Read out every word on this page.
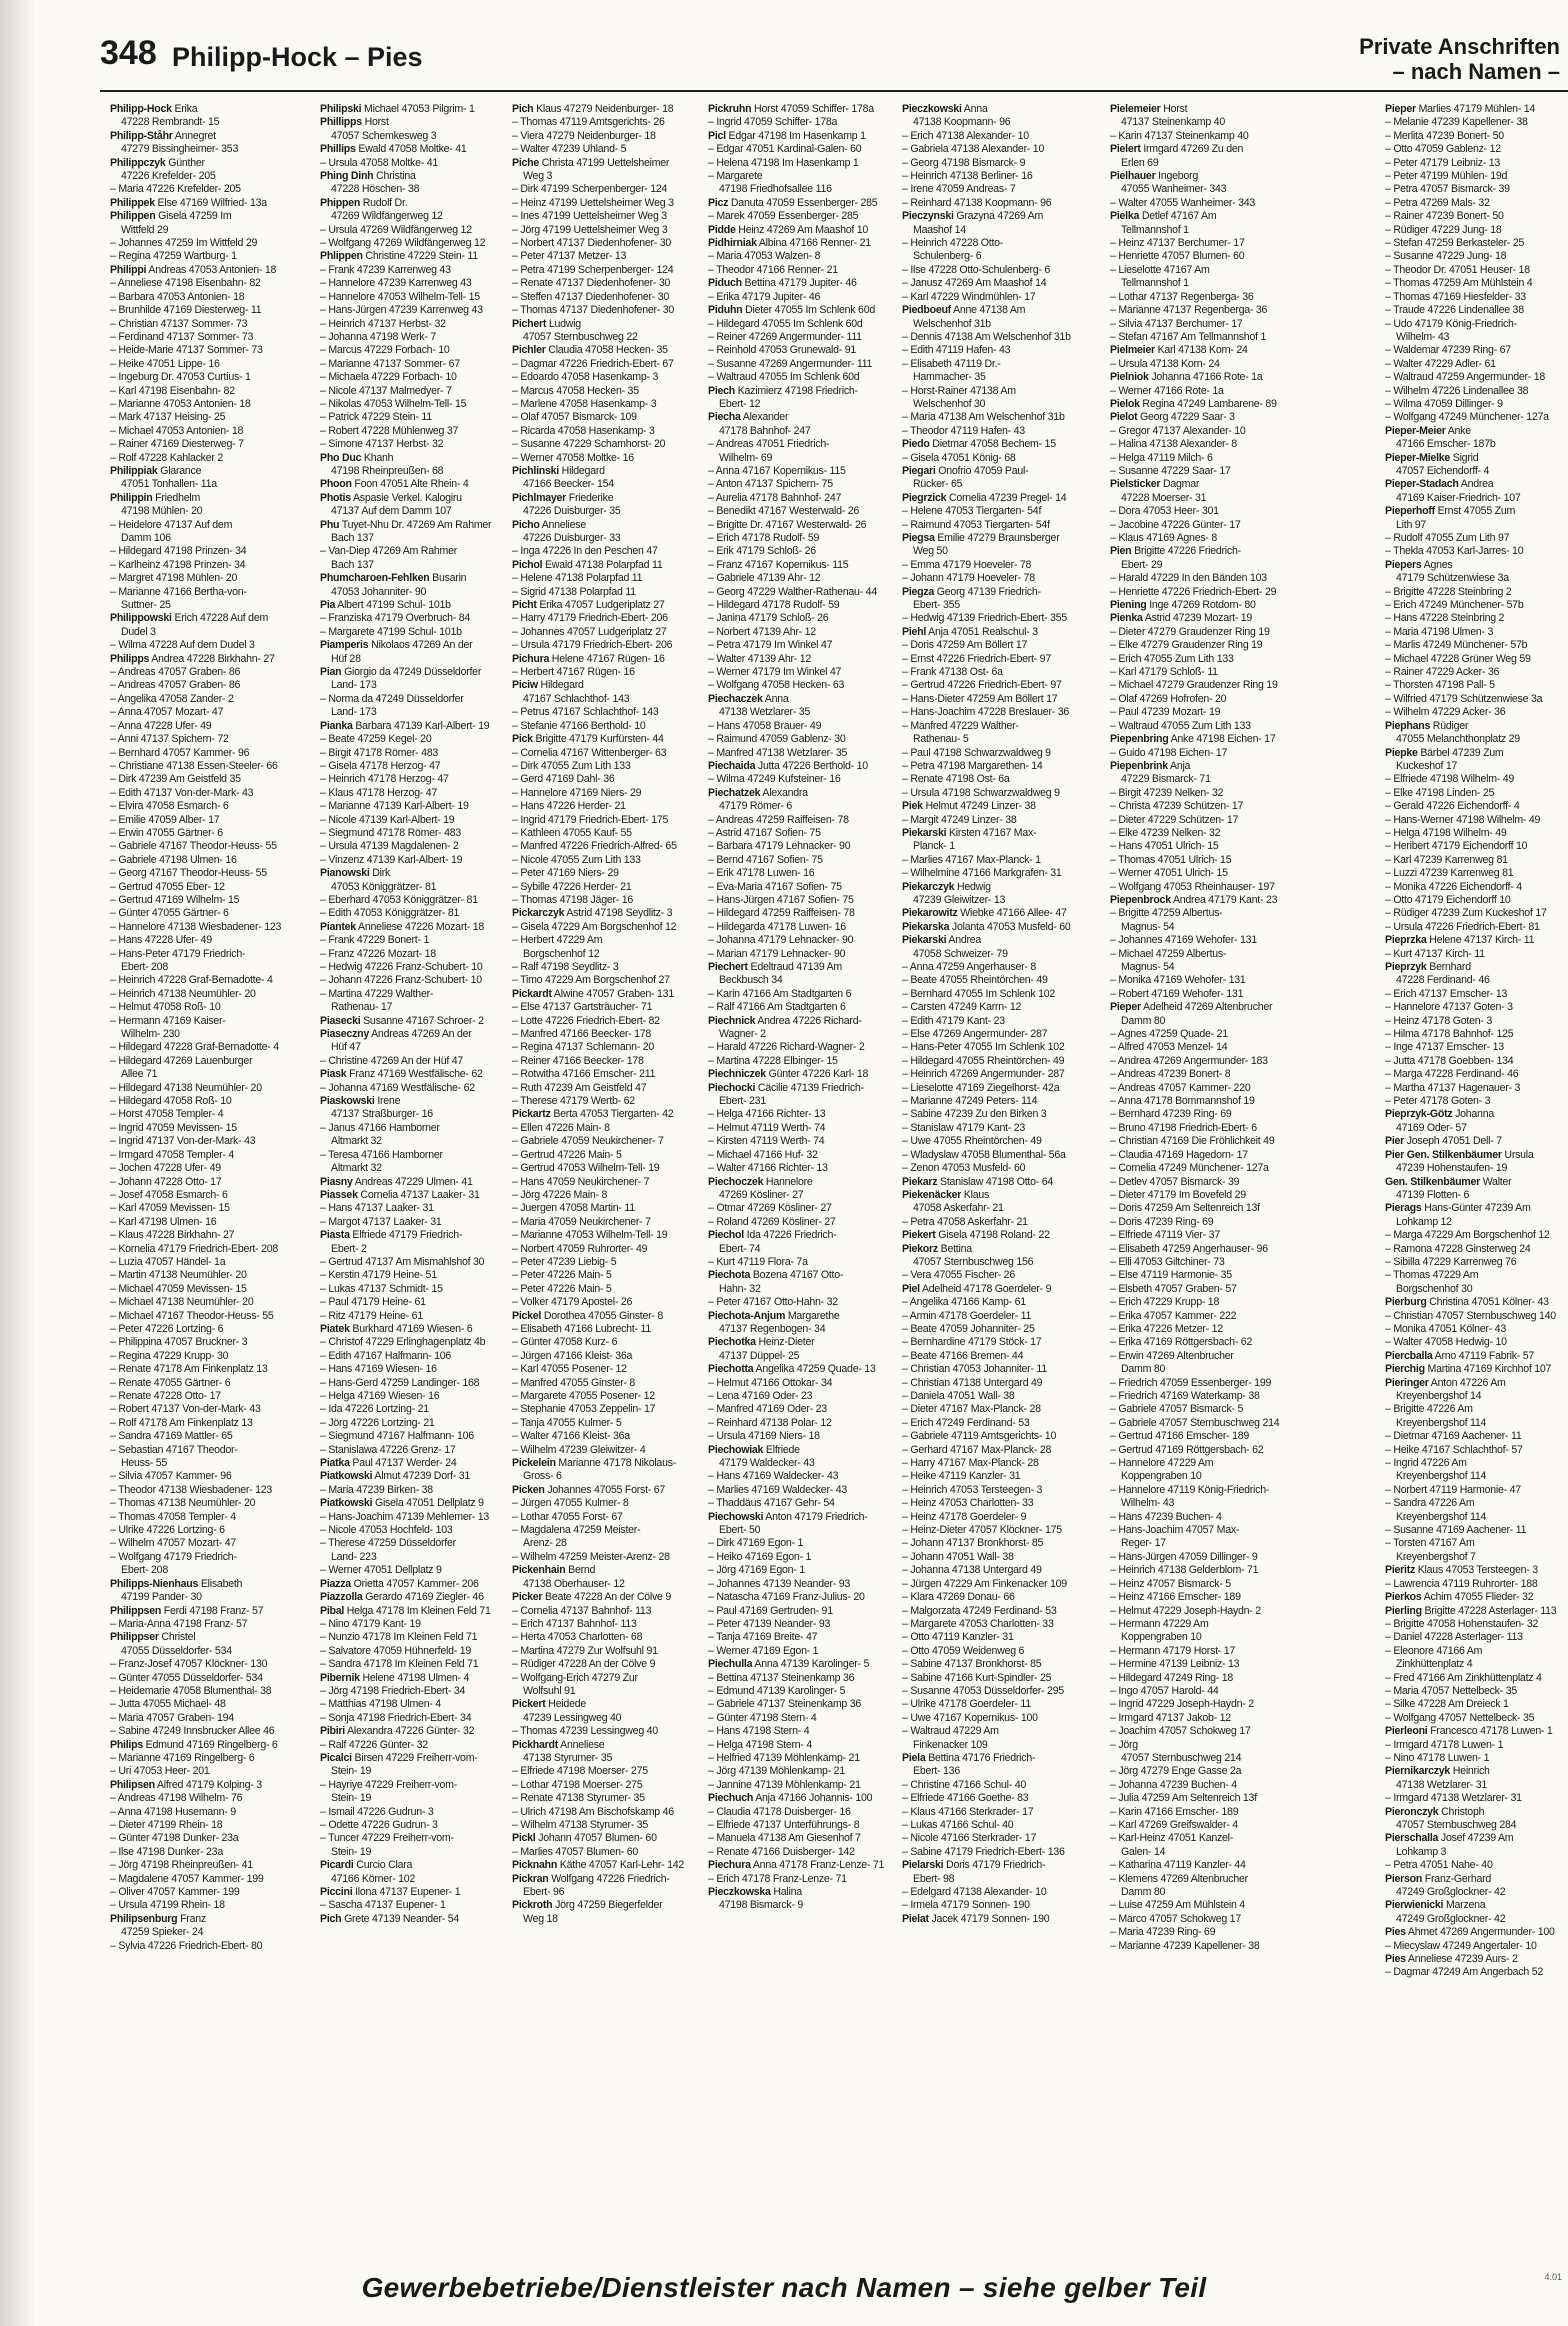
348 Philipp-Hock – Pies	Private Anschriften
– nach Namen –
Philipp-Hock Erika
47228 Rembrandt- 15
Philipp-Ståhr Annegret
47279 Bissingheimer- 353
Philippczyk Günther
47226 Krefelder- 205
– Maria 47226 Krefelder- 205
Philippek Else 47169 Wilfried- 13a
Philippen Gisela 47259 Im
Wittfeld 29
– Johannes 47259 Im Wittfeld 29
– Regina 47259 Wartburg- 1
Philippi Andreas 47053 Antonien- 18
– Anneliese 47198 Eisenbahn- 82
– Barbara 47053 Antonien- 18
– Brunhilde 47169 Diesterweg- 11
– Christian 47137 Sommer- 73
– Ferdinand 47137 Sommer- 73
– Heide-Marie 47137 Sommer- 73
– Heike 47051 Lippe- 16
– Ingeburg Dr. 47053 Curtius- 1
– Karl 47198 Eisenbahn- 82
– Marianne 47053 Antonien- 18
– Mark 47137 Heising- 25
– Michael 47053 Antonien- 18
– Rainer 47169 Diesterweg- 7
– Rolf 47228 Kahlacker 2
Philippiak Glarance
47051 Tonhallen- 11a
Philippin Friedhelm
47198 Mühlen- 20
– Heidelore 47137 Auf dem
Damm 106
– Hildegard 47198 Prinzen- 34
– Karlheinz 47198 Prinzen- 34
– Margret 47198 Mühlen- 20
– Marianne 47166 Bertha-von-
Suttner- 25
Philippowski Erich 47228 Auf dem
Dudel 3
– Wilma 47228 Auf dem Dudel 3
Philipps Andrea 47228 Birkhahn- 27
– Andreas 47057 Graben- 86
– Andreas 47057 Graben- 86
– Angelika 47058 Zander- 2
– Anna 47057 Mozart- 47
– Anna 47228 Ufer- 49
– Anni 47137 Spichern- 72
– Bernhard 47057 Kammer- 96
– Christiane 47138 Essen-Steeler- 66
– Dirk 47239 Am Geistfeld 35
– Edith 47137 Von-der-Mark- 43
– Elvira 47058 Esmarch- 6
– Emilie 47059 Alber- 17
– Erwin 47055 Gärtner- 6
– Gabriele 47167 Theodor-Heuss- 55
– Gabriele 47198 Ulmen- 16
– Georg 47167 Theodor-Heuss- 55
– Gertrud 47055 Eber- 12
– Gertrud 47169 Wilhelm- 15
– Günter 47055 Gärtner- 6
– Hannelore 47138 Wiesbadener- 123
– Hans 47228 Ufer- 49
– Hans-Peter 47179 Friedrich-
Ebert- 208
– Heinrich 47228 Graf-Bernadotte- 4
– Heinrich 47138 Neumühler- 20
– Helmut 47058 Roß- 10
– Hermann 47169 Kaiser-
Wilhelm- 230
– Hildegard 47228 Graf-Bernadotte- 4
– Hildegard 47269 Lauenburger
Allee 71
– Hildegard 47138 Neumühler- 20
– Hildegard 47058 Roß- 10
– Horst 47058 Templer- 4
– Ingrid 47059 Mevissen- 15
– Ingrid 47137 Von-der-Mark- 43
– Irmgard 47058 Templer- 4
– Jochen 47228 Ufer- 49
– Johann 47228 Otto- 17
– Josef 47058 Esmarch- 6
– Karl 47059 Mevissen- 15
– Karl 47198 Ulmen- 16
– Klaus 47228 Birkhahn- 27
– Kornelia 47179 Friedrich-Ebert- 208
– Luzia 47057 Händel- 1a
– Martin 47138 Neumühler- 20
– Michael 47059 Mevissen- 15
– Michael 47138 Neumühler- 20
– Michael 47167 Theodor-Heuss- 55
– Peter 47226 Lortzing- 6
– Philippina 47057 Bruckner- 3
– Regina 47229 Krupp- 30
– Renate 47178 Am Finkenplatz 13
– Renate 47055 Gärtner- 6
– Renate 47228 Otto- 17
– Robert 47137 Von-der-Mark- 43
– Rolf 47178 Am Finkenplatz 13
– Sandra 47169 Mattler- 65
– Sebastian 47167 Theodor-
Heuss- 55
– Silvia 47057 Kammer- 96
– Theodor 47138 Wiesbadener- 123
– Thomas 47138 Neumühler- 20
– Thomas 47058 Templer- 4
– Ulrike 47226 Lortzing- 6
– Wilhelm 47057 Mozart- 47
– Wolfgang 47179 Friedrich-
Ebert- 208
Philipps-Nienhaus Elisabeth
47199 Pander- 30
Philippsen Ferdi 47198 Franz- 57
– Maria-Anna 47198 Franz- 57
Philippser Christel
47055 Düsseldorfer- 534
– Franz-Josef 47057 Klöckner- 130
– Günter 47055 Düsseldorfer- 534
– Heidemarie 47058 Blumenthal- 38
– Jutta 47055 Michael- 48
– Maria 47057 Graben- 194
– Sabine 47249 Innsbrucker Allee 46
Philips Edmund 47169 Ringelberg- 6
– Marianne 47169 Ringelberg- 6
– Uri 47053 Heer- 201
Philipsen Alfred 47179 Kolping- 3
– Andreas 47198 Wilhelm- 76
– Anna 47198 Husemann- 9
– Dieter 47199 Rhein- 18
– Günter 47198 Dunker- 23a
– Ilse 47198 Dunker- 23a
– Jörg 47198 Rheinpreußen- 41
– Magdalene 47057 Kammer- 199
– Oliver 47057 Kammer- 199
– Ursula 47199 Rhein- 18
Philipsenburg Franz
47259 Spieker- 24
– Sylvia 47226 Friedrich-Ebert- 80
Philipski Michael 47053 Pilgrim- 1
Phillipps Horst
47057 Schemkesweg 3
Phillips Ewald 47058 Moltke- 41
– Ursula 47058 Moltke- 41
Phing Dinh Christina
47228 Höschen- 38
Phippen Rudolf Dr.
47269 Wildfängerweg 12
– Ursula 47269 Wildfängerweg 12
– Wolfgang 47269 Wildfängerweg 12
Phlippen Christine 47229 Stein- 11
– Frank 47239 Karrenweg 43
– Hannelore 47239 Karrenweg 43
– Hannelore 47053 Wilhelm-Tell- 15
– Hans-Jürgen 47239 Karrenweg 43
– Heinrich 47137 Herbst- 32
– Johanna 47198 Werk- 7
– Marcus 47229 Forbach- 10
– Marianne 47137 Sommer- 67
– Michaela 47229 Forbach- 10
– Nicole 47137 Malmedyer- 7
– Nikolas 47053 Wilhelm-Tell- 15
– Patrick 47229 Stein- 11
– Robert 47228 Mühlenweg 37
– Simone 47137 Herbst- 32
Pho Duc Khanh
47198 Rheinpreußen- 68
Phoon Foon 47051 Alte Rhein- 4
Photis Aspasie Verkel. Kalogiru
47137 Auf dem Damm 107
Phu Tuyet-Nhu Dr. 47269 Am Rahmer
Bach 137
– Van-Diep 47269 Am Rahmer
Bach 137
Phumcharoen-Fehlken Busarin
47053 Johanniter- 90
Pia Albert 47199 Schul- 101b
– Franziska 47179 Overbruch- 84
– Margarete 47199 Schul- 101b
Piamperis Nikolaos 47269 An der
Hüf 28
Pian Giorgio da 47249 Düsseldorfer
Land- 173
– Norma da 47249 Düsseldorfer
Land- 173
Pianka Barbara 47139 Karl-Albert- 19
– Beate 47259 Kegel- 20
– Birgit 47178 Römer- 483
– Gisela 47178 Herzog- 47
– Heinrich 47178 Herzog- 47
– Klaus 47178 Herzog- 47
– Marianne 47139 Karl-Albert- 19
– Nicole 47139 Karl-Albert- 19
– Siegmund 47178 Römer- 483
– Ursula 47139 Magdalenen- 2
– Vinzenz 47139 Karl-Albert- 19
Pianowski Dirk
47053 Königgrätzer- 81
– Eberhard 47053 Königgrätzer- 81
– Edith 47053 Königgrätzer- 81
Piantek Anneliese 47226 Mozart- 18
– Frank 47229 Bonert- 1
– Franz 47226 Mozart- 18
– Hedwig 47226 Franz-Schubert- 10
– Johann 47226 Franz-Schubert- 10
– Martina 47229 Walther-
Rathenau- 17
Piasecki Susanne 47167 Schroer- 2
Piaseczny Andreas 47269 An der
Hüf 47
– Christine 47269 An der Hüf 47
Piask Franz 47169 Westfälische- 62
– Johanna 47169 Westfälische- 62
Piaskowski Irene
47137 Straßburger- 16
– Janus 47166 Hamborner
Altmarkt 32
– Teresa 47166 Hamborner
Altmarkt 32
Piasny Andreas 47229 Ulmen- 41
Piassek Cornelia 47137 Laaker- 31
– Hans 47137 Laaker- 31
– Margot 47137 Laaker- 31
Piasta Elfriede 47179 Friedrich-
Ebert- 2
– Gertrud 47137 Am Mismahlshof 30
– Kerstin 47179 Heine- 51
– Lukas 47137 Schmidt- 15
– Paul 47179 Heine- 61
– Ritz 47179 Heine- 61
Piatek Burkhard 47169 Wiesen- 6
– Christof 47229 Erlinghagenplatz 4b
– Edith 47167 Halfmann- 106
– Hans 47169 Wiesen- 16
– Hans-Gerd 47259 Landinger- 168
– Helga 47169 Wiesen- 16
– Ida 47226 Lortzing- 21
– Jörg 47226 Lortzing- 21
– Siegmund 47167 Halfmann- 106
– Stanislawa 47226 Grenz- 17
Piatka Paul 47137 Werder- 24
Piatkowski Almut 47239 Dorf- 31
– Maria 47239 Birken- 38
Piatkowski Gisela 47051 Dellplatz 9
– Hans-Joachim 47139 Mehlemer- 13
– Nicole 47053 Hochfeld- 103
– Therese 47259 Düsseldorfer
Land- 223
– Werner 47051 Dellplatz 9
Piazza Orietta 47057 Kammer- 206
Piazzolla Gerardo 47169 Ziegler- 46
Pibal Helga 47178 Im Kleinen Feld 71
– Nino 47179 Kant- 19
– Nunzio 47178 Im Kleinen Feld 71
– Salvatore 47059 Hühnerfeld- 19
– Sandra 47178 Im Kleinen Feld 71
Pibernik Helene 47198 Ulmen- 4
– Jörg 47198 Friedrich-Ebert- 34
– Matthias 47198 Ulmen- 4
– Sonja 47198 Friedrich-Ebert- 34
Pibiri Alexandra 47226 Günter- 32
– Ralf 47226 Günter- 32
Picalci Birsen 47229 Freiherr-vom-
Stein- 19
– Hayriye 47229 Freiherr-vom-
Stein- 19
– Ismail 47226 Gudrun- 3
– Odette 47226 Gudrun- 3
– Tuncer 47229 Freiherr-vom-
Stein- 19
Picardi Curcio Clara
47166 Körner- 102
Piccini Ilona 47137 Eupener- 1
– Sascha 47137 Eupener- 1
Pich Grete 47139 Neander- 54
Pich Klaus 47279 Neidenburger- 18
– Thomas 47119 Amtsgerichts- 26
– Viera 47279 Neidenburger- 18
– Walter 47239 Uhland- 5
Piche Christa 47199 Uettelsheimer
Weg 3
– Dirk 47199 Scherpenberger- 124
– Heinz 47199 Uettelsheimer Weg 3
– Ines 47199 Uettelsheimer Weg 3
– Jörg 47199 Uettelsheimer Weg 3
– Norbert 47137 Diedenhofener- 30
– Peter 47137 Metzer- 13
– Petra 47199 Scherpenberger- 124
– Renate 47137 Diedenhofener- 30
– Steffen 47137 Diedenhofener- 30
– Thomas 47137 Diedenhofener- 30
Pichert Ludwig
47057 Sternbuschweg 22
Pichler Claudia 47058 Hecken- 35
– Dagmar 47226 Friedrich-Ebert- 67
– Edoardo 47058 Hasenkamp- 3
– Marcus 47058 Hecken- 35
– Marlene 47058 Hasenkamp- 3
– Olaf 47057 Bismarck- 109
– Ricarda 47058 Hasenkamp- 3
– Susanne 47229 Schamhorst- 20
– Werner 47058 Moltke- 16
Pichlinski Hildegard
47166 Beecker- 154
Pichlmayer Friederike
47226 Duisburger- 35
Picho Anneliese
47226 Duisburger- 33
– Inga 47226 In den Peschen 47
Pichol Ewald 47138 Polarpfad 11
– Helene 47138 Polarpfad 11
– Sigrid 47138 Polarpfad 11
Picht Erika 47057 Ludgeriplatz 27
– Harry 47179 Friedrich-Ebert- 206
– Johannes 47057 Ludgeriplatz 27
– Ursula 47179 Friedrich-Ebert- 206
Pichura Helene 47167 Rügen- 16
– Herbert 47167 Rügen- 16
Piciw Hildegard
47167 Schlachthof- 143
– Petrus 47167 Schlachthof- 143
– Stefanie 47166 Berthold- 10
Pick Brigitte 47179 Kurfürsten- 44
– Cornelia 47167 Wittenberger- 63
– Dirk 47055 Zum Lith 133
– Gerd 47169 Dahl- 36
– Hannelore 47169 Niers- 29
– Hans 47226 Herder- 21
– Ingrid 47179 Friedrich-Ebert- 175
– Kathleen 47055 Kauf- 55
– Manfred 47226 Friedrich-Alfred- 65
– Nicole 47055 Zum Lith 133
– Peter 47169 Niers- 29
– Sybille 47226 Herder- 21
– Thomas 47198 Jäger- 16
Pickarczyk Astrid 47198 Seydlitz- 3
– Gisela 47229 Am Borgschenhof 12
– Herbert 47229 Am
Borgschenhof 12
– Ralf 47198 Seydlitz- 3
– Timo 47229 Am Borgschenhof 27
Pickardt Alwine 47057 Graben- 131
– Else 47137 Gartsträucher- 71
– Lotte 47226 Friedrich-Ebert- 82
– Manfred 47166 Beecker- 178
– Regina 47137 Schlemann- 20
– Reiner 47166 Beecker- 178
– Rotwitha 47166 Emscher- 211
– Ruth 47239 Am Geistfeld 47
– Therese 47179 Wertb- 62
Pickartz Berta 47053 Tiergarten- 42
– Ellen 47226 Main- 8
– Gabriele 47059 Neukirchener- 7
– Gertrud 47226 Main- 5
– Gertrud 47053 Wilhelm-Tell- 19
– Hans 47059 Neukirchener- 7
– Jörg 47226 Main- 8
– Juergen 47058 Martin- 11
– Maria 47059 Neukirchener- 7
– Marianne 47053 Wilhelm-Tell- 19
– Norbert 47059 Ruhrorter- 49
– Peter 47239 Liebig- 5
– Peter 47226 Main- 5
– Peter 47226 Main- 5
– Volker 47179 Apostel- 26
Pickel Dorothea 47055 Ginster- 8
– Elisabeth 47166 Lubrecht- 11
– Günter 47058 Kurz- 6
– Jürgen 47166 Kleist- 36a
– Karl 47055 Posener- 12
– Manfred 47055 Ginster- 8
– Margarete 47055 Posener- 12
– Stephanie 47053 Zeppelin- 17
– Tanja 47055 Kulmer- 5
– Walter 47166 Kleist- 36a
– Wilhelm 47239 Gleiwitzer- 4
Pickelein Marianne 47178 Nikolaus-
Gross- 6
Picken Johannes 47055 Forst- 67
– Jürgen 47055 Kulmer- 8
– Lothar 47055 Forst- 67
– Magdalena 47259 Meister-
Arenz- 28
– Wilhelm 47259 Meister-Arenz- 28
Pickenhain Bernd
47138 Oberhauser- 12
Picker Beate 47228 An der Cölve 9
– Cornelia 47137 Bahnhof- 113
– Erich 47137 Bahnhof- 113
– Herta 47053 Charlotten- 68
– Martina 47279 Zur Wolfsuhl 91
– Rüdiger 47228 An der Cölve 9
– Wolfgang-Erich 47279 Zur
Wolfsuhl 91
Pickert Heidede
47239 Lessingweg 40
– Thomas 47239 Lessingweg 40
Pickhardt Anneliese
47138 Styrumer- 35
– Elfriede 47198 Moerser- 275
– Lothar 47198 Moerser- 275
– Renate 47138 Styrumer- 35
– Ulrich 47198 Am Bischofskamp 46
– Wilhelm 47138 Styrumer- 35
Pickl Johann 47057 Blumen- 60
– Marlies 47057 Blumen- 60
Picknahn Käthe 47057 Karl-Lehr- 142
Pickran Wolfgang 47226 Friedrich-
Ebert- 96
Pickroth Jörg 47259 Biegerfelder
Weg 18
Pickruhn Horst 47059 Schiffer- 178a
– Ingrid 47059 Schiffer- 178a
Picl Edgar 47198 Im Hasenkamp 1
– Edgar 47051 Kardinal-Galen- 60
– Helena 47198 Im Hasenkamp 1
– Margarete
47198 Friedhofsallee 116
Picz Danuta 47059 Essenberger- 285
– Marek 47059 Essenberger- 285
Pidde Heinz 47269 Am Maashof 10
Pidhirniak Albina 47166 Renner- 21
– Maria 47053 Walzen- 8
– Theodor 47166 Renner- 21
Piduch Bettina 47179 Jupiter- 46
– Erika 47179 Jupiter- 46
Piduhn Dieter 47055 Im Schlenk 60d
– Hildegard 47055 Im Schlenk 60d
– Reiner 47269 Angermunder- 111
– Reinhold 47053 Grunewald- 91
– Susanne 47269 Angermunder- 111
– Waltraud 47055 Im Schlenk 60d
Piech Kazimierz 47198 Friedrich-
Ebert- 12
Piecha Alexander
47178 Bahnhof- 247
– Andreas 47051 Friedrich-
Wilhelm- 69
– Anna 47167 Kopernikus- 115
– Anton 47137 Spichern- 75
– Aurelia 47178 Bahnhof- 247
– Benedikt 47167 Westerwald- 26
– Brigitte Dr. 47167 Westerwald- 26
– Erich 47178 Rudolf- 59
– Erik 47179 Schloß- 26
– Franz 47167 Kopernikus- 115
– Gabriele 47139 Ahr- 12
– Georg 47229 Walther-Rathenau- 44
– Hildegard 47178 Rudolf- 59
– Janina 47179 Schloß- 26
– Norbert 47139 Ahr- 12
– Petra 47179 Im Winkel 47
– Walter 47139 Ahr- 12
– Werner 47179 Im Winkel 47
– Wolfgang 47058 Hecken- 63
Piechaczek Anna
47138 Wetzlarer- 35
– Hans 47058 Brauer- 49
– Raimund 47059 Gablenz- 30
– Manfred 47138 Wetzlarer- 35
Piechaida Jutta 47226 Berthold- 10
– Wilma 47249 Kufsteiner- 16
Piechatzek Alexandra
47179 Römer- 6
– Andreas 47259 Raiffeisen- 78
– Astrid 47167 Sofien- 75
– Barbara 47179 Lehnacker- 90
– Bernd 47167 Sofien- 75
– Erik 47178 Luwen- 16
– Eva-Maria 47167 Sofien- 75
– Hans-Jürgen 47167 Sofien- 75
– Hildegard 47259 Raiffeisen- 78
– Hildegarda 47178 Luwen- 16
– Johanna 47179 Lehnacker- 90
– Marian 47179 Lehnacker- 90
Piechert Edeltraud 47139 Am
Beckbusch 34
– Karin 47166 Am Stadtgarten 6
– Ralf 47166 Am Stadtgarten 6
Piechnick Andrea 47226 Richard-
Wagner- 2
– Harald 47226 Richard-Wagner- 2
– Martina 47228 Elbinger- 15
Piechniczek Günter 47226 Karl- 18
Piechocki Cäcilie 47139 Friedrich-
Ebert- 231
– Helga 47166 Richter- 13
– Helmut 47119 Werth- 74
– Kirsten 47119 Werth- 74
– Michael 47166 Huf- 32
– Walter 47166 Richter- 13
Piechoczek Hannelore
47269 Kösliner- 27
– Otmar 47269 Kösliner- 27
– Roland 47269 Kösliner- 27
Piechol Ida 47226 Friedrich-
Ebert- 74
– Kurt 47119 Flora- 7a
Piechota Bozena 47167 Otto-
Hahn- 32
– Peter 47167 Otto-Hahn- 32
Piechota-Anjum Margarethe
47137 Regenbogen- 34
Piechotka Heinz-Dieter
47137 Düppel- 25
Piechotta Angelika 47259 Quade- 13
– Helmut 47166 Ottokar- 34
– Lena 47169 Oder- 23
– Manfred 47169 Oder- 23
– Reinhard 47138 Polar- 12
– Ursula 47169 Niers- 18
Piechowiak Elfriede
47179 Waldecker- 43
– Hans 47169 Waldecker- 43
– Marlies 47169 Waldecker- 43
– Thaddäus 47167 Gehr- 54
Piechowski Anton 47179 Friedrich-
Ebert- 50
– Dirk 47169 Egon- 1
– Heiko 47169 Egon- 1
– Jörg 47169 Egon- 1
– Johannes 47139 Neander- 93
– Natascha 47169 Franz-Julius- 20
– Paul 47169 Gertruden- 91
– Peter 47139 Neander- 93
– Tanja 47169 Breite- 47
– Werner 47169 Egon- 1
Piechulla Anna 47139 Karolinger- 5
– Bettina 47137 Steinenkamp 36
– Edmund 47139 Karolinger- 5
– Gabriele 47137 Steinenkamp 36
– Günter 47198 Stern- 4
– Hans 47198 Stern- 4
– Helga 47198 Stern- 4
– Helfried 47139 Möhlenkamp- 21
– Jörg 47139 Möhlenkamp- 21
– Jannine 47139 Möhlenkamp- 21
Piechuch Anja 47166 Johannis- 100
– Claudia 47178 Duisberger- 16
– Elfriede 47137 Unterführungs- 8
– Manuela 47138 Am Giesenhof 7
– Renate 47166 Duisberger- 142
Piechura Anna 47178 Franz-Lenze- 71
– Erich 47178 Franz-Lenze- 71
Pieczkowska Halina
47198 Bismarck- 9
Pieczkowski Anna
47138 Koopmann- 96
– Erich 47138 Alexander- 10
– Gabriela 47138 Alexander- 10
– Georg 47198 Bismarck- 9
– Heinrich 47138 Berliner- 16
– Irene 47059 Andreas- 7
– Reinhard 47138 Koopmann- 96
Pieczynski Grazyna 47269 Am
Maashof 14
– Heinrich 47228 Otto-
Schulenberg- 6
– Ilse 47228 Otto-Schulenberg- 6
– Janusz 47269 Am Maashof 14
– Karl 47229 Windmühlen- 17
Piedboeuf Anne 47138 Am
Welschenhof 31b
– Dennis 47138 Am Welschenhof 31b
– Edith 47119 Hafen- 43
– Elisabeth 47119 Dr.-
Hammacher- 35
– Horst-Rainer 47138 Am
Welschenhof 30
– Maria 47138 Am Welschenhof 31b
– Theodor 47119 Hafen- 43
Piedo Dietmar 47058 Bechem- 15
– Gisela 47051 König- 68
Piegari Onofrio 47059 Paul-
Rücker- 65
Piegrzick Cornelia 47239 Pregel- 14
– Helene 47053 Tiergarten- 54f
– Raimund 47053 Tiergarten- 54f
Piegsa Emilie 47279 Braunsberger
Weg 50
– Emma 47179 Hoeveler- 78
– Johann 47179 Hoeveler- 78
Piegza Georg 47139 Friedrich-
Ebert- 355
– Hedwig 47139 Friedrich-Ebert- 355
Piehl Anja 47051 Realschul- 3
– Doris 47259 Am Böllert 17
– Ernst 47226 Friedrich-Ebert- 97
– Frank 47138 Ost- 6a
– Gertrud 47226 Friedrich-Ebert- 97
– Hans-Dieter 47259 Am Böllert 17
– Hans-Joachim 47228 Breslauer- 36
– Manfred 47229 Walther-
Rathenau- 5
– Paul 47198 Schwarzwaldweg 9
– Petra 47198 Margarethen- 14
– Renate 47198 Ost- 6a
– Ursula 47198 Schwarzwaldweg 9
Piek Helmut 47249 Linzer- 38
– Margit 47249 Linzer- 38
Piekarski Kirsten 47167 Max-
Planck- 1
– Marlies 47167 Max-Planck- 1
– Wilhelmine 47166 Markgrafen- 31
Piekarczyk Hedwig
47239 Gleiwitzer- 13
Piekarowitz Wiebke 47166 Allee- 47
Piekarska Jolanta 47053 Musfeld- 60
Piekarski Andrea
47058 Schweizer- 79
– Anna 47259 Angerhauser- 8
– Beate 47055 Rheintörchen- 49
– Bernhard 47055 Im Schlenk 102
– Carsten 47249 Karrn- 12
– Edith 47179 Kant- 23
– Else 47269 Angermunder- 287
– Hans-Peter 47055 Im Schlenk 102
– Hildegard 47055 Rheintörchen- 49
– Heinrich 47269 Angermunder- 287
– Lieselotte 47169 Ziegelhorst- 42a
– Marianne 47249 Peters- 114
– Sabine 47239 Zu den Birken 3
– Stanislaw 47179 Kant- 23
– Uwe 47055 Rheintörchen- 49
– Wladyslaw 47058 Blumenthal- 56a
– Zenon 47053 Musfeld- 60
Piekarz Stanislaw 47198 Otto- 64
Piekenäcker Klaus
47058 Askerfahr- 21
– Petra 47058 Askerfahr- 21
Piekert Gisela 47198 Roland- 22
Piekorz Bettina
47057 Sternbuschweg 156
– Vera 47055 Fischer- 26
Piel Adelheid 47178 Goerdeler- 9
– Angelika 47166 Kamp- 61
– Armin 47178 Goerdeler- 11
– Beate 47059 Johanniter- 25
– Bernhardine 47179 Stöck- 17
– Beate 47166 Bremen- 44
– Christian 47053 Johanniter- 11
– Christian 47138 Untergard 49
– Daniela 47051 Wall- 38
– Dieter 47167 Max-Planck- 28
– Erich 47249 Ferdinand- 53
– Gabriele 47119 Amtsgerichts- 10
– Gerhard 47167 Max-Planck- 28
– Harry 47167 Max-Planck- 28
– Heike 47119 Kanzler- 31
– Heinrich 47053 Tersteegen- 3
– Heinz 47053 Charlotten- 33
– Heinz 47178 Goerdeler- 9
– Heinz-Dieter 47057 Klöckner- 175
– Johann 47137 Bronkhorst- 85
– Johann 47051 Wall- 38
– Johanna 47138 Untergard 49
– Jürgen 47229 Am Finkenacker 109
– Klara 47269 Donau- 66
– Malgorzata 47249 Ferdinand- 53
– Margarete 47053 Charlotten- 33
– Otto 47119 Kanzler- 31
– Otto 47059 Weidenweg 6
– Sabine 47137 Bronkhorst- 85
– Sabine 47166 Kurt-Spindler- 25
– Susanne 47053 Düsseldorfer- 295
– Ulrike 47178 Goerdeler- 11
– Uwe 47167 Kopernikus- 100
– Waltraud 47229 Am
Finkenacker 109
Piela Bettina 47176 Friedrich-
Ebert- 136
– Christine 47166 Schul- 40
– Elfriede 47166 Goethe- 83
– Klaus 47166 Sterkrader- 17
– Lukas 47166 Schul- 40
– Nicole 47166 Sterkrader- 17
– Sabine 47179 Friedrich-Ebert- 136
Pielarski Doris 47179 Friedrich-
Ebert- 98
– Edelgard 47138 Alexander- 10
– Irmela 47179 Sonnen- 190
Pielat Jacek 47179 Sonnen- 190
Pielemeier Horst
47137 Steinenkamp 40
– Karin 47137 Steinenkamp 40
Pielert Irmgard 47269 Zu den
Erlen 69
Pielhauer Ingeborg
47055 Wanheimer- 343
– Walter 47055 Wanheimer- 343
Pielka Detlef 47167 Am
Tellmannshof 1
– Heinz 47137 Berchumer- 17
– Henriette 47057 Blumen- 60
– Lieselotte 47167 Am
Tellmannshof 1
– Lothar 47137 Regenberga- 36
– Marianne 47137 Regenberga- 36
– Silvia 47137 Berchumer- 17
– Stefan 47167 Am Tellmannshof 1
Pielmeier Karl 47138 Korn- 24
– Ursula 47138 Korn- 24
Pielniok Johanna 47166 Rote- 1a
– Werner 47166 Rote- 1a
Pielok Regina 47249 Lambarene- 89
Pielot Georg 47229 Saar- 3
– Gregor 47137 Alexander- 10
– Halina 47138 Alexander- 8
– Helga 47119 Milch- 6
– Susanne 47229 Saar- 17
Pielsticker Dagmar
47228 Moerser- 31
– Dora 47053 Heer- 301
– Jacobine 47226 Günter- 17
– Klaus 47169 Agnes- 8
Pien Brigitte 47226 Friedrich-
Ebert- 29
– Harald 47229 In den Bänden 103
– Henriette 47226 Friedrich-Ebert- 29
Piening Inge 47269 Rotdorn- 80
Pienka Astrid 47239 Mozart- 19
– Dieter 47279 Graudenzer Ring 19
– Elke 47279 Graudenzer Ring 19
– Erich 47055 Zum Lith 133
– Karl 47179 Schloß- 11
– Michael 47279 Graudenzer Ring 19
– Olaf 47269 Hofrofen- 20
– Paul 47239 Mozart- 19
– Waltraud 47055 Zum Lith 133
Piepenbring Anke 47198 Eichen- 17
– Guido 47198 Eichen- 17
Piepenbrink Anja
47229 Bismarck- 71
– Birgit 47239 Nelken- 32
– Christa 47239 Schützen- 17
– Dieter 47229 Schützen- 17
– Elke 47239 Nelken- 32
– Hans 47051 Ulrich- 15
– Thomas 47051 Ulrich- 15
– Werner 47051 Ulrich- 15
– Wolfgang 47053 Rheinhauser- 197
Piepenbrock Andrea 47179 Kant- 23
– Brigitte 47259 Albertus-
Magnus- 54
– Johannes 47169 Wehofer- 131
– Michael 47259 Albertus-
Magnus- 54
– Monika 47169 Wehofer- 131
– Robert 47169 Wehofer- 131
Pieper Adelheid 47269 Altenbrucher
Damm 80
– Agnes 47259 Quade- 21
– Alfred 47053 Menzel- 14
– Andrea 47269 Angermunder- 183
– Andreas 47239 Bonert- 8
– Andreas 47057 Kammer- 220
– Anna 47178 Bommannshof 19
– Bernhard 47239 Ring- 69
– Bruno 47198 Friedrich-Ebert- 6
– Christian 47169 Die Fröhlichkeit 49
– Claudia 47169 Hagedorn- 17
– Cornelia 47249 Münchener- 127a
– Detlev 47057 Bismarck- 39
– Dieter 47179 Im Bovefeld 29
– Doris 47259 Am Seltenreich 13f
– Doris 47239 Ring- 69
– Elfriede 47119 Vier- 37
– Elisabeth 47259 Angerhauser- 96
– Elli 47053 Giltchiner- 73
– Else 47119 Harmonie- 35
– Elsbeth 47057 Graben- 57
– Erich 47229 Krupp- 18
– Erika 47057 Kammer- 222
– Erika 47226 Metzer- 12
– Erika 47169 Röttgersbach- 62
– Erwin 47269 Altenbrucher
Damm 80
– Friedrich 47059 Essenberger- 199
– Friedrich 47169 Waterkamp- 38
– Gabriele 47057 Bismarck- 5
– Gabriele 47057 Sternbuschweg 214
– Gertrud 47166 Emscher- 189
– Gertrud 47169 Röttgersbach- 62
– Hannelore 47229 Am
Koppengraben 10
– Hannelore 47119 König-Friedrich-
Wilhelm- 43
– Hans 47239 Buchen- 4
– Hans-Joachim 47057 Max-
Reger- 17
– Hans-Jürgen 47059 Dillinger- 9
– Heinrich 47138 Gelderblom- 71
– Heinz 47057 Bismarck- 5
– Heinz 47166 Emscher- 189
– Helmut 47229 Joseph-Haydn- 2
– Hermann 47229 Am
Koppengraben 10
– Hermann 47179 Horst- 17
– Hermine 47139 Leibniz- 13
– Hildegard 47249 Ring- 18
– Ingo 47057 Harold- 44
– Ingrid 47229 Joseph-Haydn- 2
– Irmgard 47137 Jakob- 12
– Joachim 47057 Schokweg 17
– Jörg
47057 Sternbuschweg 214
– Jörg 47279 Enge Gasse 2a
– Johanna 47239 Buchen- 4
– Julia 47259 Am Seltenreich 13f
– Karin 47166 Emscher- 189
– Karl 47269 Greifswalder- 4
– Karl-Heinz 47051 Kanzel-
Galen- 14
– Katharina 47119 Kanzler- 44
– Klemens 47269 Altenbrucher
Damm 80
– Luise 47259 Am Mühlstein 4
– Marco 47057 Schokweg 17
– Maria 47239 Ring- 69
– Marianne 47239 Kapellener- 38
Pieper Marlies 47179 Mühlen- 14
– Melanie 47239 Kapellener- 38
– Merlita 47239 Bonert- 50
– Otto 47059 Gablenz- 12
– Peter 47179 Leibniz- 13
– Peter 47199 Mühlen- 19d
– Petra 47057 Bismarck- 39
– Petra 47269 Mals- 32
– Rainer 47239 Bonert- 50
– Rüdiger 47229 Jung- 18
– Stefan 47259 Berkasteler- 25
– Susanne 47229 Jung- 18
– Theodor Dr. 47051 Heuser- 18
– Thomas 47259 Am Mühlstein 4
– Thomas 47169 Hiesfelder- 33
– Traude 47226 Lindenallee 38
– Udo 47179 König-Friedrich-
Wilhelm- 43
– Waldemar 47239 Ring- 67
– Walter 47229 Adler- 61
– Waltraud 47259 Angermunder- 18
– Wilhelm 47226 Lindenallee 38
– Wilma 47059 Dillinger- 9
– Wolfgang 47249 Münchener- 127a
Pieper-Meier Anke
47166 Emscher- 187b
Pieper-Mielke Sigrid
47057 Eichendorff- 4
Pieper-Stadach Andrea
47169 Kaiser-Friedrich- 107
Pieperhoff Ernst 47055 Zum
Lith 97
– Rudolf 47055 Zum Lith 97
– Thekla 47053 Karl-Jarres- 10
Piepers Agnes
47179 Schützenwiese 3a
– Brigitte 47228 Steinbring 2
– Erich 47249 Münchener- 57b
– Hans 47228 Steinbring 2
– Maria 47198 Ulmen- 3
– Marlis 47249 Münchener- 57b
– Michael 47228 Grüner Weg 59
– Rainer 47229 Acker- 36
– Thorsten 47198 Pall- 5
– Wilfried 47179 Schützenwiese 3a
– Wilhelm 47229 Acker- 36
Piephans Rüdiger
47055 Melanchthonplatz 29
Piepke Bärbel 47239 Zum
Kuckeshof 17
– Elfriede 47198 Wilhelm- 49
– Elke 47198 Linden- 25
– Gerald 47226 Eichendorff- 4
– Hans-Werner 47198 Wilhelm- 49
– Helga 47198 Wilhelm- 49
– Heribert 47179 Eichendorff 10
– Karl 47239 Karrenweg 81
– Luzzi 47239 Karrenweg 81
– Monika 47226 Eichendorff- 4
– Otto 47179 Eichendorff 10
– Rüdiger 47239 Zum Kuckeshof 17
– Ursula 47226 Friedrich-Ebert- 81
Pieprzka Helene 47137 Kirch- 11
– Kurt 47137 Kirch- 11
Pieprzyk Bernhard
47228 Ferdinand- 46
– Erich 47137 Emscher- 13
– Hannelore 47137 Goten- 3
– Heinz 47178 Goten- 3
– Hilma 47178 Bahnhof- 125
– Inge 47137 Emscher- 13
– Jutta 47178 Goebben- 134
– Marga 47228 Ferdinand- 46
– Martha 47137 Hagenauer- 3
– Peter 47178 Goten- 3
Pieprzyk-Götz Johanna
47169 Oder- 57
Pier Joseph 47051 Dell- 7
Pier Gen. Stilkenbäumer Ursula
47239 Hohenstaufen- 19
Gen. Stilkenbäumer Walter
47139 Flotten- 6
Pierags Hans-Günter 47239 Am
Lohkamp 12
– Marga 47229 Am Borgschenhof 12
– Ramona 47228 Ginsterweg 24
– Sibilla 47229 Karrenweg 76
– Thomas 47229 Am
Borgschenhof 30
Pierburg Christina 47051 Kölner- 43
– Christian 47057 Sternbuschweg 140
– Monika 47051 Kölner- 43
– Walter 47058 Hedwig- 10
Piercballa Arno 47119 Fabrik- 57
Pierchig Martina 47169 Kirchhof 107
Pieringer Anton 47226 Am
Kreyenbergshof 14
– Brigitte 47226 Am
Kreyenbergshof 114
– Dietmar 47169 Aachener- 11
– Heike 47167 Schlachthof- 57
– Ingrid 47226 Am
Kreyenbergshof 114
– Norbert 47119 Harmonie- 47
– Sandra 47226 Am
Kreyenbergshof 114
– Susanne 47169 Aachener- 11
– Torsten 47167 Am
Kreyenbergshof 7
Pieritz Klaus 47053 Tersteegen- 3
– Lawrencia 47119 Ruhrorter- 188
Pierkos Achim 47055 Flieder- 32
Pierling Brigitte 47228 Asterlager- 113
– Brigitte 47058 Hohenstaufen- 32
– Daniel 47228 Asterlager- 113
– Eleonore 47166 Am
Zinkhüttenplatz 4
– Fred 47166 Am Zinkhüttenplatz 4
– Maria 47057 Nettelbeck- 35
– Silke 47228 Am Dreieck 1
– Wolfgang 47057 Nettelbeck- 35
Pierleoni Francesco 47178 Luwen- 1
– Irmgard 47178 Luwen- 1
– Nino 47178 Luwen- 1
Piernikarczyk Heinrich
47138 Wetzlarer- 31
– Irmgard 47138 Wetzlarer- 31
Pieronczyk Christoph
47057 Sternbuschweg 284
Pierschalla Josef 47239 Am
Lohkamp 3
– Petra 47051 Nahe- 40
Pierson Franz-Gerhard
47249 Großglockner- 42
Pierwienicki Marzena
47249 Großglockner- 42
Pies Ahmet 47269 Angermunder- 100
– Miecyslaw 47249 Angertaler- 10
Pies Anneliese 47239 Aurs- 2
– Dagmar 47249 Am Angerbach 52
Gewerbebetriebe/Dienstleister nach Namen – siehe gelber Teil	4.01
